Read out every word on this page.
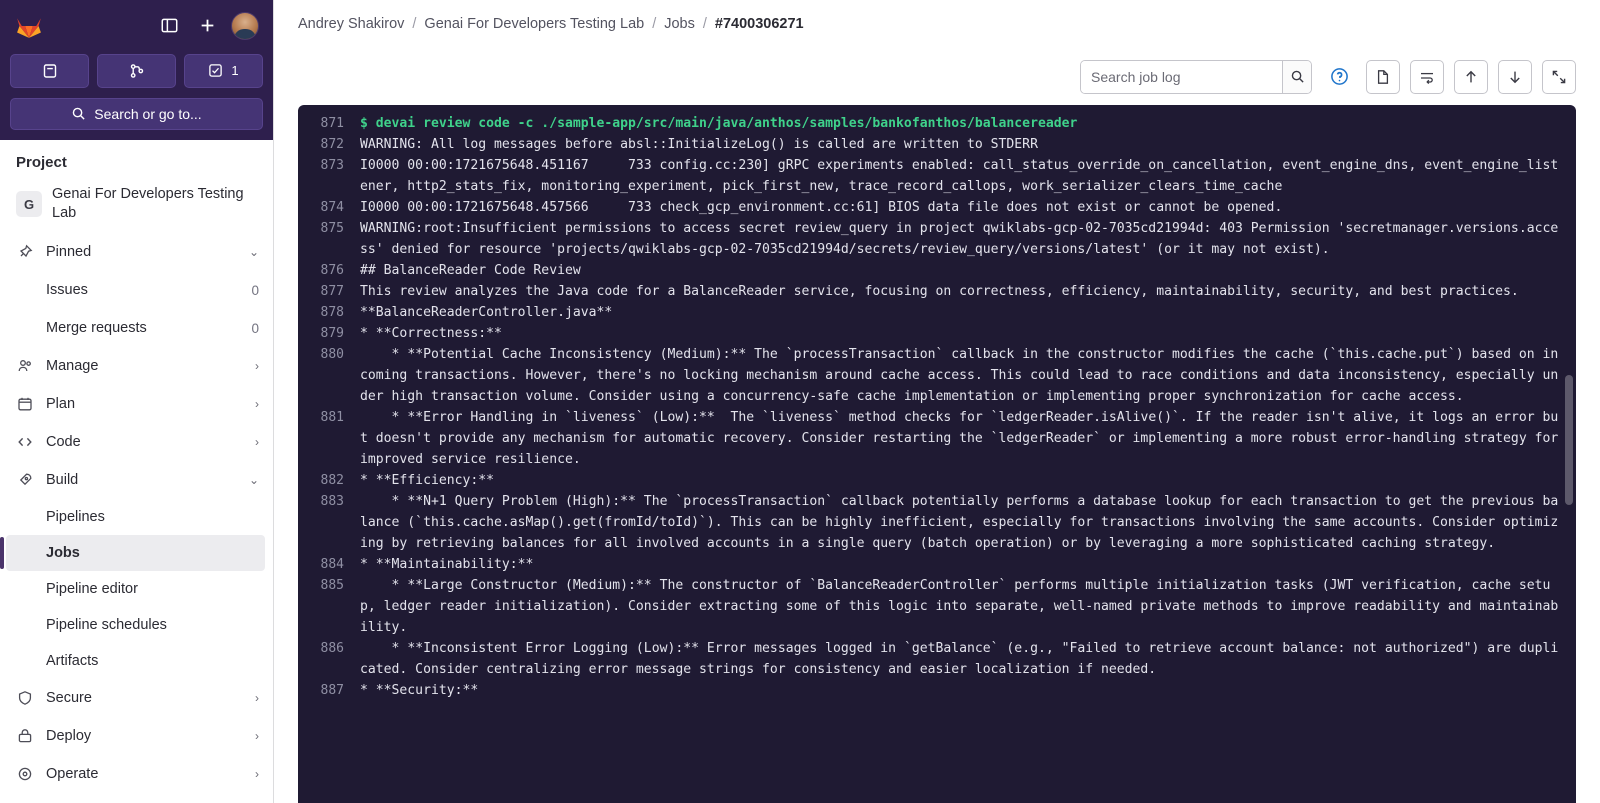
1
Search or go to...
Project
G
Genai For Developers Testing Lab
Pinned	⌄
Issues	0
Merge requests	0
Manage	›
Plan	›
Code	›
Build	⌄
Pipelines
Jobs
Pipeline editor
Pipeline schedules
Artifacts
Secure	›
Deploy	›
Operate	›
Andrey Shakirov / Genai For Developers Testing Lab / Jobs / #7400306271
Search job log
871	$ devai review code -c ./sample-app/src/main/java/anthos/samples/bankofanthos/balancereader
872	WARNING: All log messages before absl::InitializeLog() is called are written to STDERR
873	I0000 00:00:1721675648.451167     733 config.cc:230] gRPC experiments enabled: call_status_override_on_cancellation, event_engine_dns, event_engine_listener, http2_stats_fix, monitoring_experiment, pick_first_new, trace_record_callops, work_serializer_clears_time_cache
874	I0000 00:00:1721675648.457566     733 check_gcp_environment.cc:61] BIOS data file does not exist or cannot be opened.
875	WARNING:root:Insufficient permissions to access secret review_query in project qwiklabs-gcp-02-7035cd21994d: 403 Permission 'secretmanager.versions.access' denied for resource 'projects/qwiklabs-gcp-02-7035cd21994d/secrets/review_query/versions/latest' (or it may not exist).
876	## BalanceReader Code Review
877	This review analyzes the Java code for a BalanceReader service, focusing on correctness, efficiency, maintainability, security, and best practices.
878	**BalanceReaderController.java**
879	* **Correctness:**
880	* **Potential Cache Inconsistency (Medium):** The `processTransaction` callback in the constructor modifies the cache (`this.cache.put`) based on incoming transactions. However, there's no locking mechanism around cache access. This could lead to race conditions and data inconsistency, especially under high transaction volume. Consider using a concurrency-safe cache implementation or implementing proper synchronization for cache access.
881	* **Error Handling in `liveness` (Low):**  The `liveness` method checks for `ledgerReader.isAlive()`. If the reader isn't alive, it logs an error but doesn't provide any mechanism for automatic recovery. Consider restarting the `ledgerReader` or implementing a more robust error-handling strategy for improved service resilience.
882	* **Efficiency:**
883	* **N+1 Query Problem (High):** The `processTransaction` callback potentially performs a database lookup for each transaction to get the previous balance (`this.cache.asMap().get(fromId/toId)`). This can be highly inefficient, especially for transactions involving the same accounts. Consider optimizing by retrieving balances for all involved accounts in a single query (batch operation) or by leveraging a more sophisticated caching strategy.
884	* **Maintainability:**
885	* **Large Constructor (Medium):** The constructor of `BalanceReaderController` performs multiple initialization tasks (JWT verification, cache setup, ledger reader initialization). Consider extracting some of this logic into separate, well-named private methods to improve readability and maintainability.
886	* **Inconsistent Error Logging (Low):** Error messages logged in `getBalance` (e.g., "Failed to retrieve account balance: not authorized") are duplicated. Consider centralizing error message strings for consistency and easier localization if needed.
887	* **Security:**
